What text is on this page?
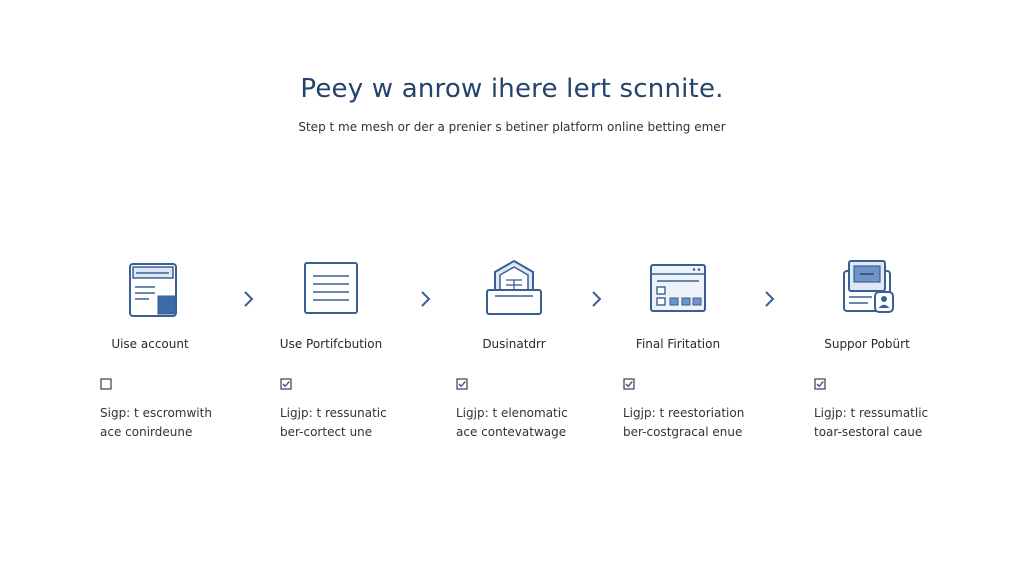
Peey w anrow ihere lert scnnite.

Step t me mesh or der a prenier s betiner platform online betting emer

Uise account
Sigp: t escromwith
ace conirdeune
Use Portifcbution
Ligjp: t ressunatic
ber-cortect une
Dusinatdrr
Ligjp: t elenomatic
ace contevatwage
Final Firitation
Ligjp: t reestoriation
ber-costgracal enue
Suppor Pobürt
Ligjp: t ressumatlic
toar-sestoral caue
